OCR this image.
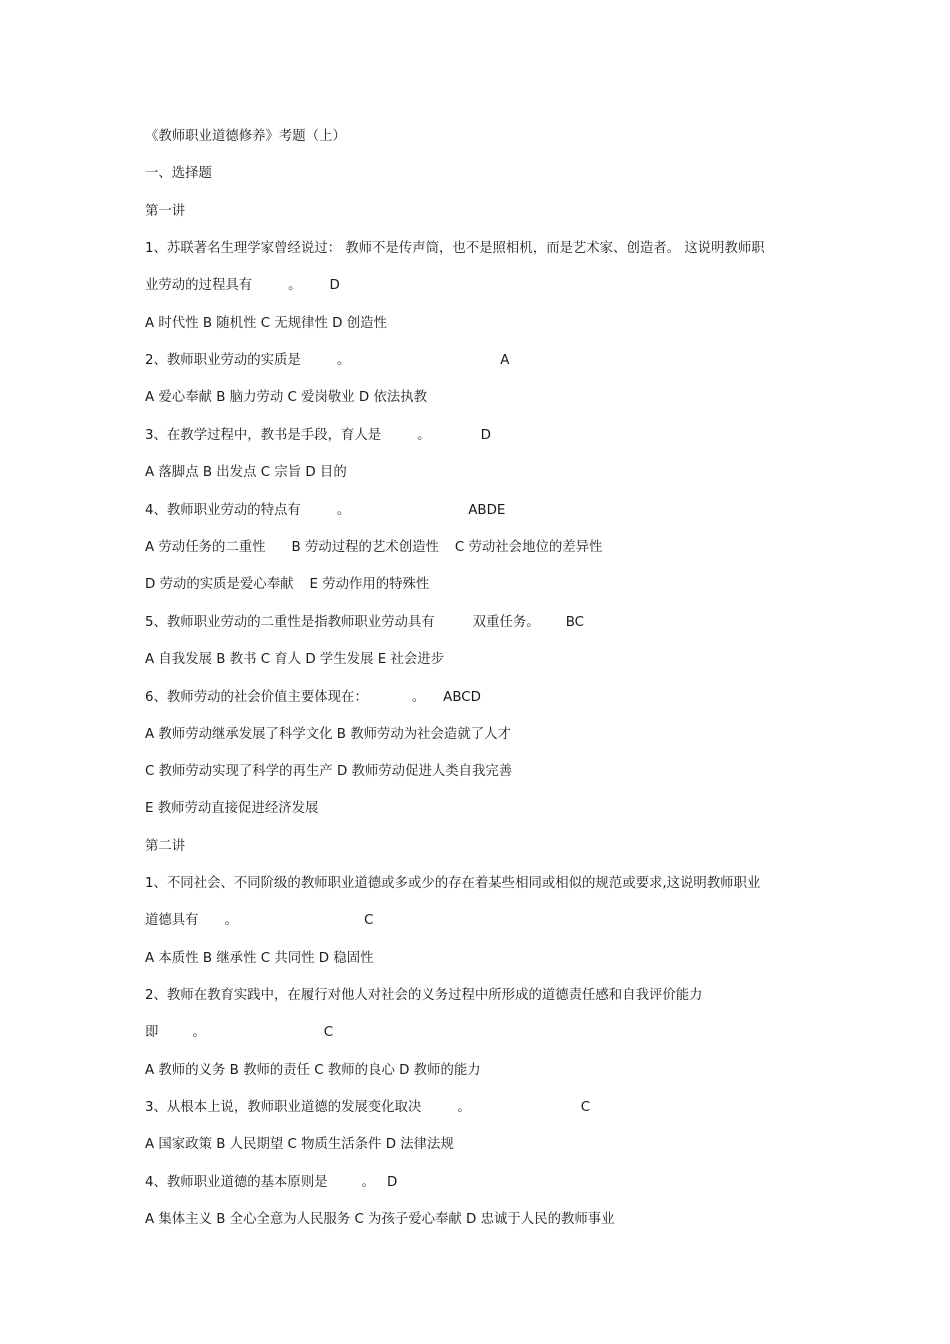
《教师职业道德修养》考题（上）
一、选择题
第一讲
1、苏联著名生理学家曾经说过： 教师不是传声筒，也不是照相机，而是艺术家、创造者。 这说明教师职
业劳动的过程具有	。 D
A 时代性 B 随机性 C 无规律性 D 创造性
2、教师职业劳动的实质是	。	A
A 爱心奉献 B 脑力劳动 C 爱岗敬业 D 依法执教
3、在教学过程中，教书是手段，育人是	。	D
A 落脚点 B 出发点 C 宗旨 D 目的
4、教师职业劳动的特点有	。	ABDE
A 劳动任务的二重性 B 劳动过程的艺术创造性 C 劳动社会地位的差异性
D 劳动的实质是爱心奉献 E 劳动作用的特殊性
5、教师职业劳动的二重性是指教师职业劳动具有	双重任务。 BC
A 自我发展 B 教书 C 育人 D 学生发展 E 社会进步
6、教师劳动的社会价值主要体现在：	。 ABCD
A 教师劳动继承发展了科学文化 B 教师劳动为社会造就了人才
C 教师劳动实现了科学的再生产 D 教师劳动促进人类自我完善
E 教师劳动直接促进经济发展
第二讲
1、不同社会、不同阶级的教师职业道德或多或少的存在着某些相同或相似的规范或要求,这说明教师职业
道德具有 。	C
A 本质性 B 继承性 C 共同性 D 稳固性
2、教师在教育实践中，在履行对他人对社会的义务过程中所形成的道德责任感和自我评价能力
即	。	C
A 教师的义务 B 教师的责任 C 教师的良心 D 教师的能力
3、从根本上说，教师职业道德的发展变化取决	。	C
A 国家政策 B 人民期望 C 物质生活条件 D 法律法规
4、教师职业道德的基本原则是	。 D
A 集体主义 B 全心全意为人民服务 C 为孩子爱心奉献 D 忠诚于人民的教师事业
